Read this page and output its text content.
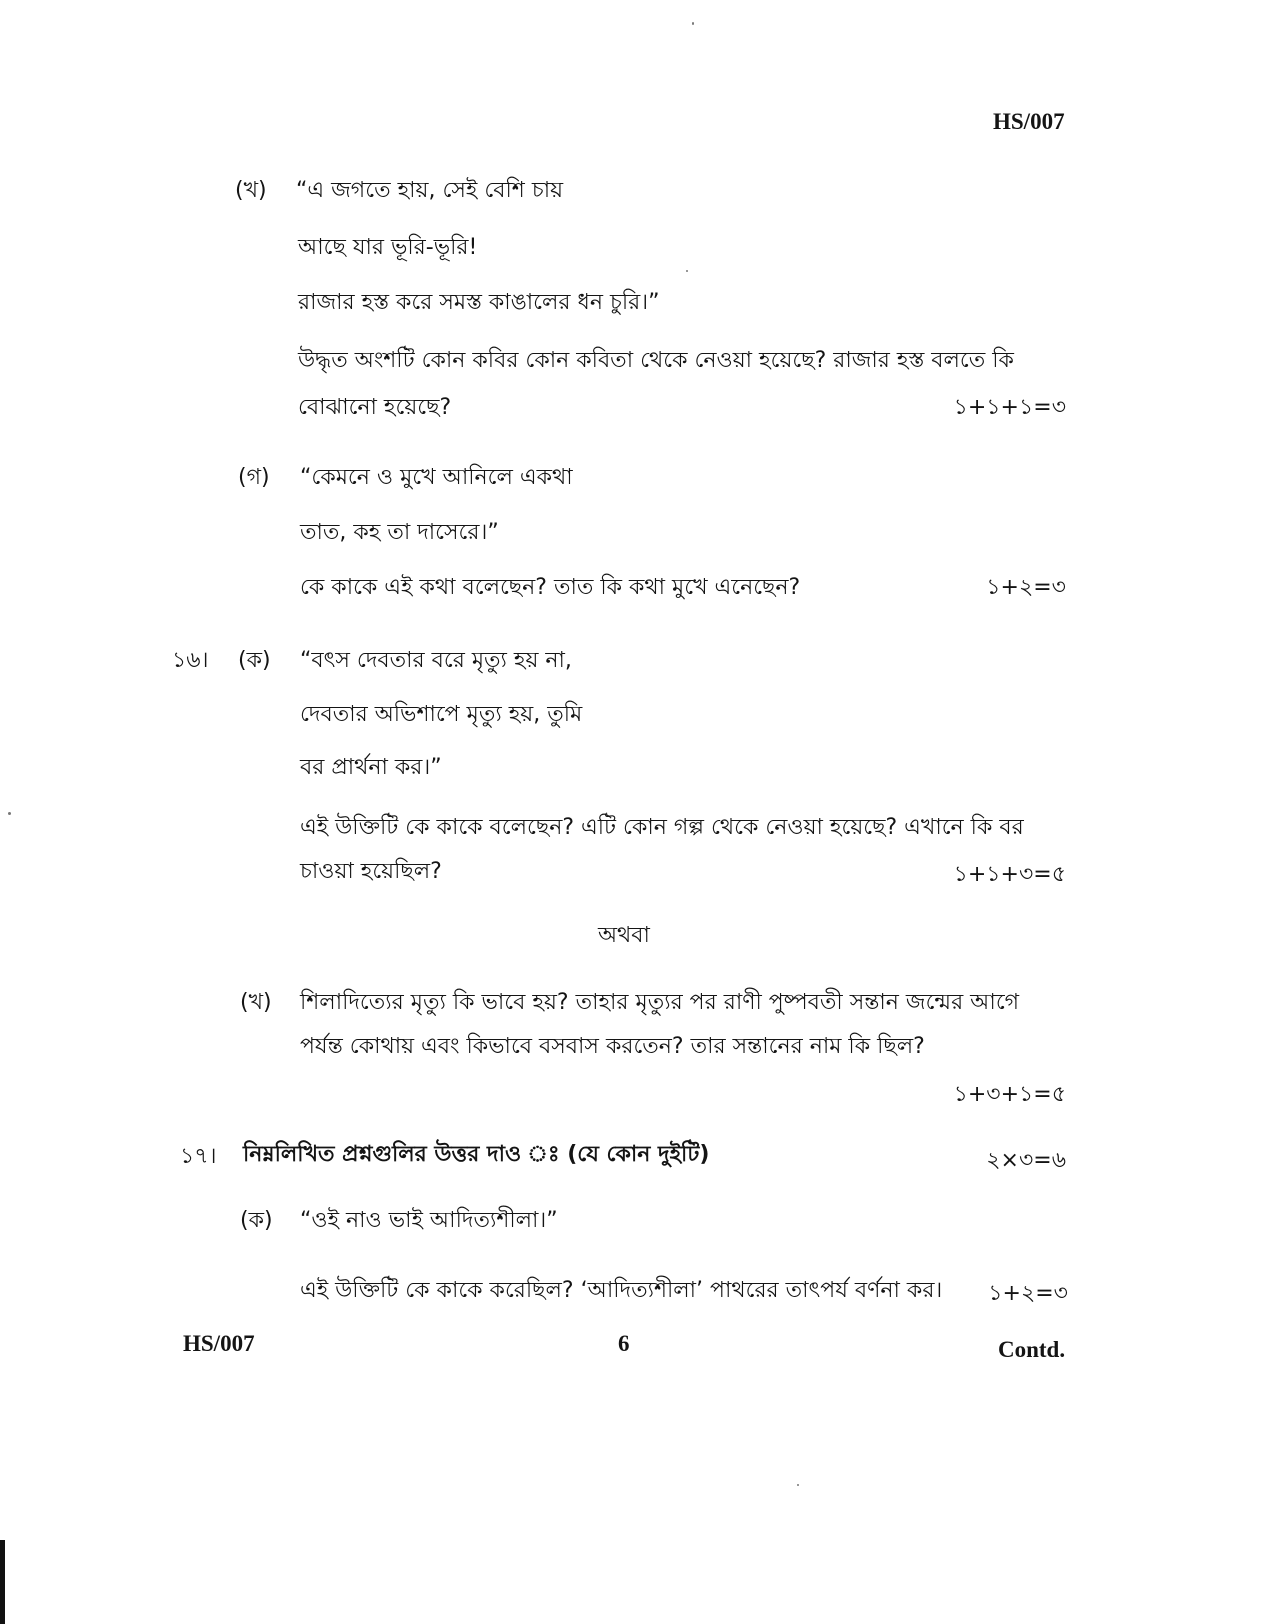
HS/007
(খ) “এ জগতে হায়, সেই বেশি চায়
আছে যার ভূরি-ভূরি!
রাজার হস্ত করে সমস্ত কাঙালের ধন চুরি।”
উদ্ধৃত অংশটি কোন কবির কোন কবিতা থেকে নেওয়া হয়েছে? রাজার হস্ত বলতে কি
বোঝানো হয়েছে?	১+১+১=৩
(গ) “কেমনে ও মুখে আনিলে একথা
তাত, কহ তা দাসেরে।”
কে কাকে এই কথা বলেছেন? তাত কি কথা মুখে এনেছেন?	১+২=৩
১৬। (ক) “বৎস দেবতার বরে মৃত্যু হয় না,
দেবতার অভিশাপে মৃত্যু হয়, তুমি
বর প্রার্থনা কর।”
এই উক্তিটি কে কাকে বলেছেন? এটি কোন গল্প থেকে নেওয়া হয়েছে? এখানে কি বর
চাওয়া হয়েছিল?	১+১+৩=৫
অথবা
(খ) শিলাদিত্যের মৃত্যু কি ভাবে হয়? তাহার মৃত্যুর পর রাণী পুষ্পবতী সন্তান জন্মের আগে
পর্যন্ত কোথায় এবং কিভাবে বসবাস করতেন? তার সন্তানের নাম কি ছিল?
১+৩+১=৫
১৭। নিম্নলিখিত প্রশ্নগুলির উত্তর দাও ঃ (যে কোন দুইটি)	২×৩=৬
(ক) “ওই নাও ভাই আদিত্যশীলা।”
এই উক্তিটি কে কাকে করেছিল? ‘আদিত্যশীলা’ পাথরের তাৎপর্য বর্ণনা কর।	১+২=৩
HS/007	6	Contd.
